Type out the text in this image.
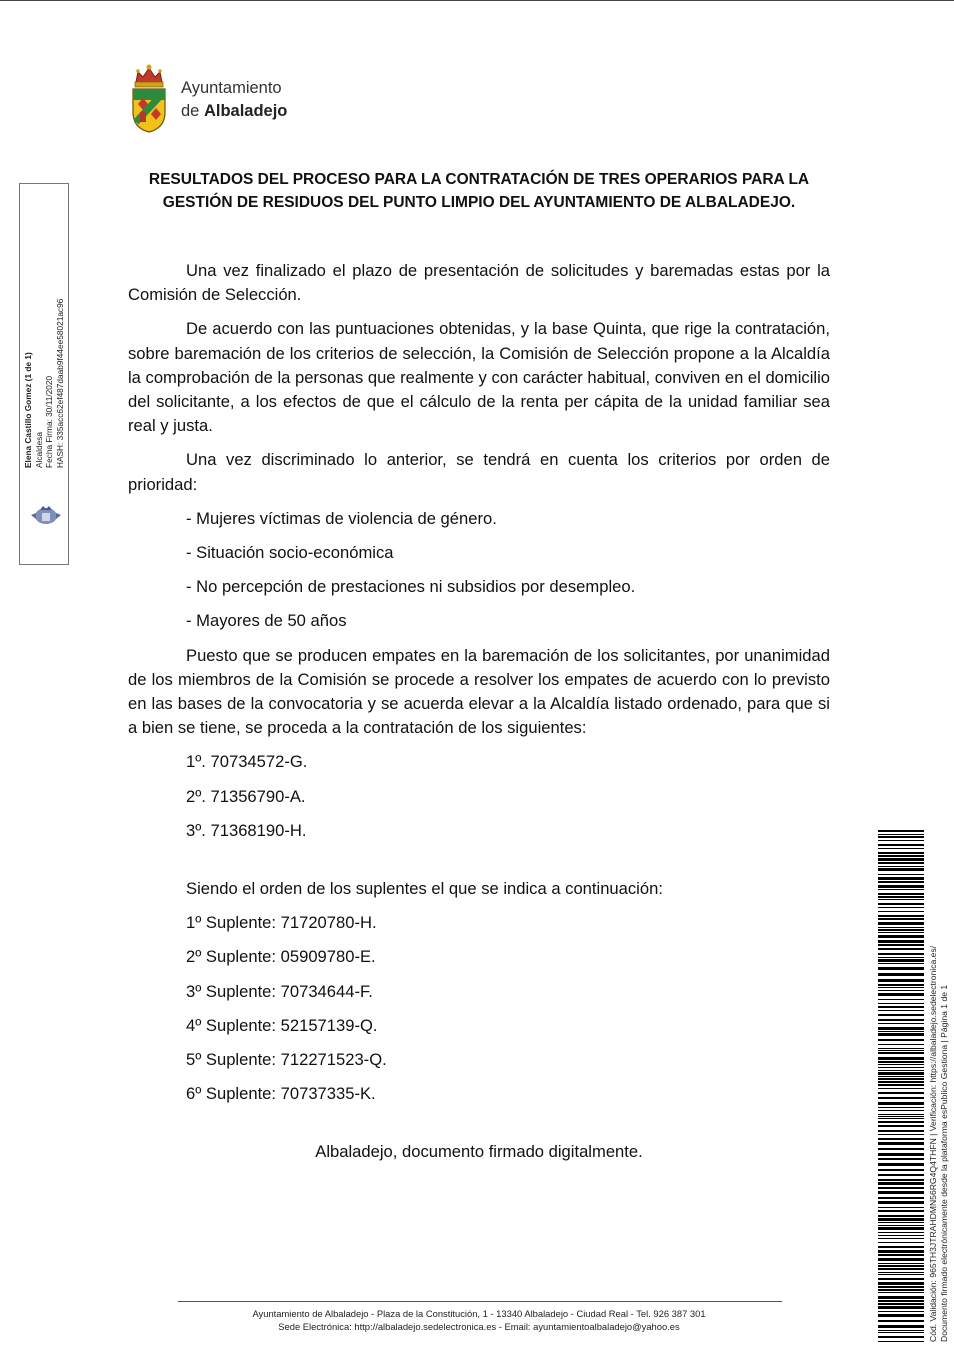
Ayuntamiento
de Albaladejo
RESULTADOS DEL PROCESO PARA LA CONTRATACIÓN DE TRES OPERARIOS PARA LA
GESTIÓN DE RESIDUOS DEL PUNTO LIMPIO DEL AYUNTAMIENTO DE ALBALADEJO.

Una vez finalizado el plazo de presentación de solicitudes y baremadas estas por la Comisión de Selección.

De acuerdo con las puntuaciones obtenidas, y la base Quinta, que rige la contratación, sobre baremación de los criterios de selección, la Comisión de Selección propone a la Alcaldía la comprobación de la personas que realmente y con carácter habitual, conviven en el domicilio del solicitante, a los efectos de que el cálculo de la renta per cápita de la unidad familiar sea real y justa.

Una vez discriminado lo anterior, se tendrá en cuenta los criterios por orden de prioridad:

- Mujeres víctimas de violencia de género.

- Situación socio-económica

- No percepción de prestaciones ni subsidios por desempleo.

- Mayores de 50 años

Puesto que se producen empates en la baremación de los solicitantes, por unanimidad de los miembros de la Comisión se procede a resolver los empates de acuerdo con lo previsto en las bases de la convocatoria y se acuerda elevar a la Alcaldía listado ordenado, para que si a bien se tiene, se proceda a la contratación de los siguientes:

1º. 70734572-G.

2º. 71356790-A.

3º. 71368190-H.

Siendo el orden de los suplentes el que se indica a continuación:

1º Suplente: 71720780-H.

2º Suplente: 05909780-E.

3º Suplente: 70734644-F.

4º Suplente: 52157139-Q.

5º Suplente: 712271523-Q.

6º Suplente: 70737335-K.

Albaladejo, documento firmado digitalmente.

Elena Castillo Gomez (1 de 1) Alcaldesa Fecha Firma: 30/11/2020 HASH: 335acc62ef487daab9f44ee58021ac96
Cód. Validación: 965TH3JTRAHDMN56RG4Q4THFN | Verificación: https://albaladejo.sedelectronica.es/ Documento firmado electrónicamente desde la plataforma esPublico Gestiona | Página 1 de 1
Ayuntamiento de Albaladejo - Plaza de la Constitución, 1 - 13340 Albaladejo - Ciudad Real - Tel. 926 387 301
Sede Electrónica: http://albaladejo.sedelectronica.es - Email: ayuntamientoalbaladejo@yahoo.es
